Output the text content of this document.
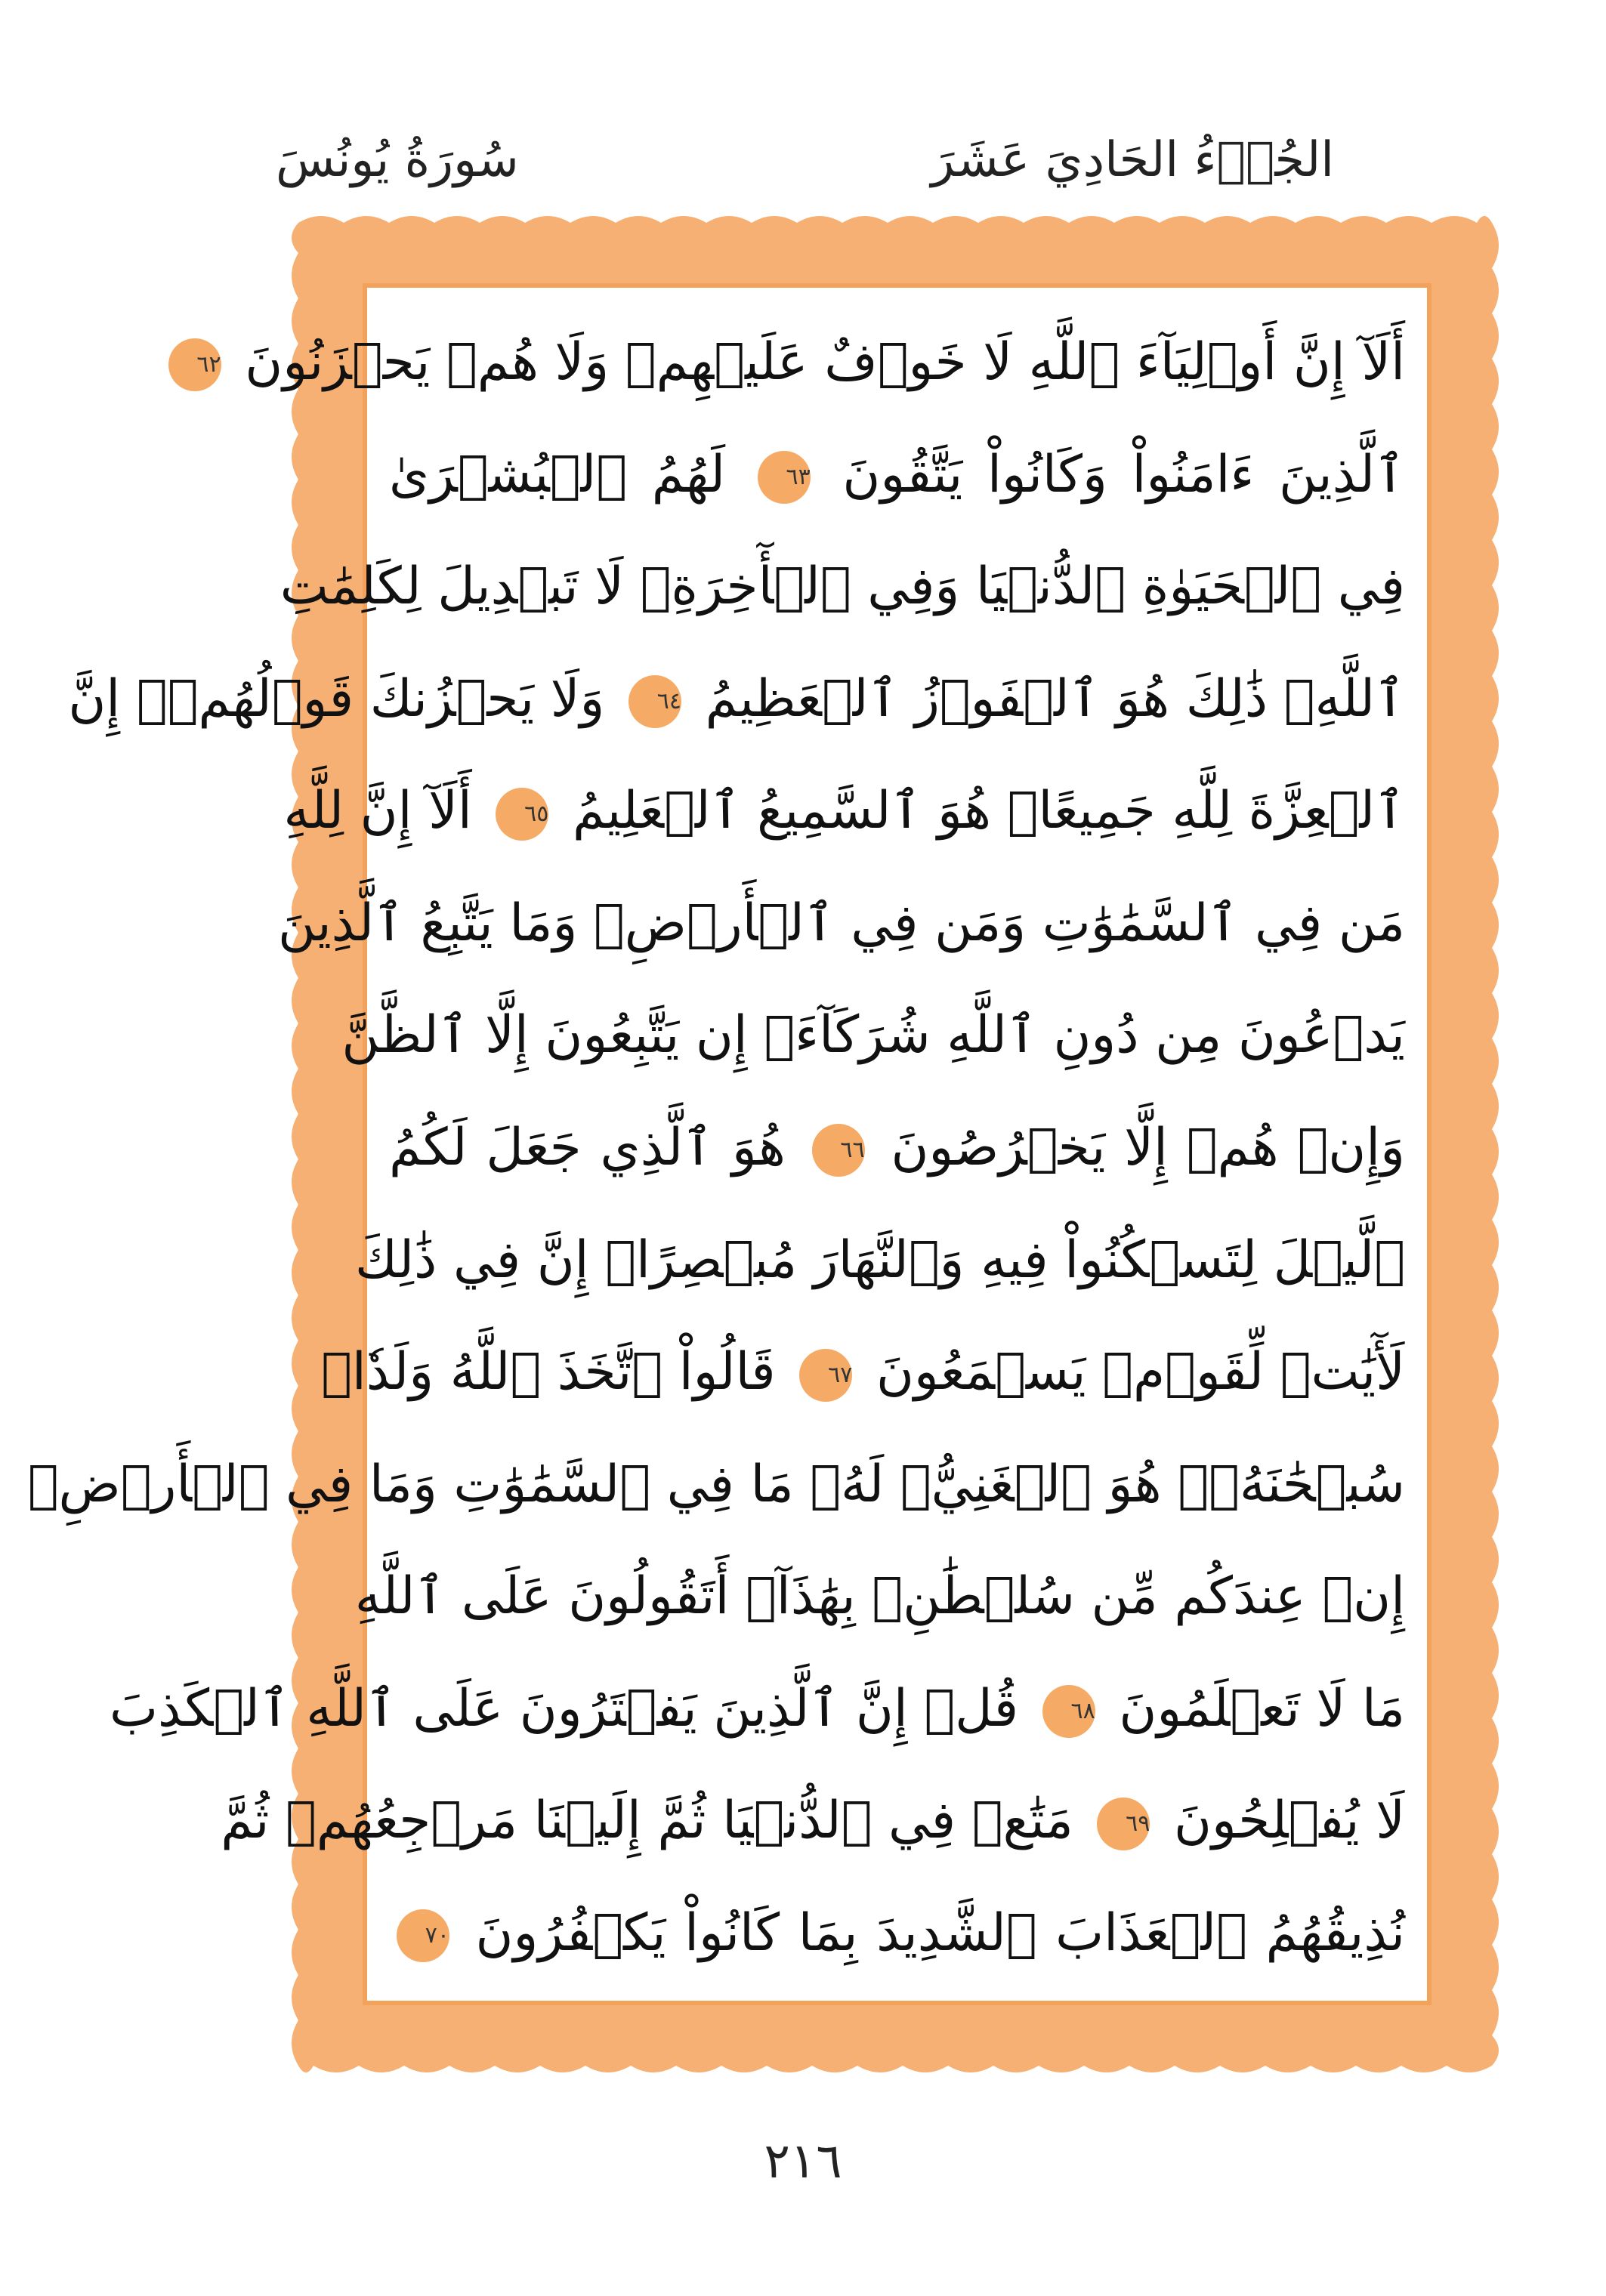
الجُزۡءُ الحَادِيَ عَشَرَ
سُورَةُ يُونُسَ
أَلَآ إِنَّ أَوۡلِيَآءَ ٱللَّهِ لَا خَوۡفٌ عَلَيۡهِمۡ وَلَا هُمۡ يَحۡزَنُونَ ٦٢
ٱلَّذِينَ ءَامَنُواْ وَكَانُواْ يَتَّقُونَ ٦٣ لَهُمُ ٱلۡبُشۡرَىٰ
فِي ٱلۡحَيَوٰةِ ٱلدُّنۡيَا وَفِي ٱلۡأٓخِرَةِۚ لَا تَبۡدِيلَ لِكَلِمَٰتِ
ٱللَّهِۚ ذَٰلِكَ هُوَ ٱلۡفَوۡزُ ٱلۡعَظِيمُ ٦٤ وَلَا يَحۡزُنكَ قَوۡلُهُمۡۘ إِنَّ
ٱلۡعِزَّةَ لِلَّهِ جَمِيعًاۚ هُوَ ٱلسَّمِيعُ ٱلۡعَلِيمُ ٦٥ أَلَآ إِنَّ لِلَّهِ
مَن فِي ٱلسَّمَٰوَٰتِ وَمَن فِي ٱلۡأَرۡضِۗ وَمَا يَتَّبِعُ ٱلَّذِينَ
يَدۡعُونَ مِن دُونِ ٱللَّهِ شُرَكَآءَۚ إِن يَتَّبِعُونَ إِلَّا ٱلظَّنَّ
وَإِنۡ هُمۡ إِلَّا يَخۡرُصُونَ ٦٦ هُوَ ٱلَّذِي جَعَلَ لَكُمُ
ٱلَّيۡلَ لِتَسۡكُنُواْ فِيهِ وَٱلنَّهَارَ مُبۡصِرًاۚ إِنَّ فِي ذَٰلِكَ
لَأٓيَٰتٖ لِّقَوۡمٖ يَسۡمَعُونَ ٦٧ قَالُواْ ٱتَّخَذَ ٱللَّهُ وَلَدٗاۗ
سُبۡحَٰنَهُۥۖ هُوَ ٱلۡغَنِيُّۖ لَهُۥ مَا فِي ٱلسَّمَٰوَٰتِ وَمَا فِي ٱلۡأَرۡضِۚ
إِنۡ عِندَكُم مِّن سُلۡطَٰنِۭ بِهَٰذَآۚ أَتَقُولُونَ عَلَى ٱللَّهِ
مَا لَا تَعۡلَمُونَ ٦٨ قُلۡ إِنَّ ٱلَّذِينَ يَفۡتَرُونَ عَلَى ٱللَّهِ ٱلۡكَذِبَ
لَا يُفۡلِحُونَ ٦٩ مَتَٰعٞ فِي ٱلدُّنۡيَا ثُمَّ إِلَيۡنَا مَرۡجِعُهُمۡ ثُمَّ
نُذِيقُهُمُ ٱلۡعَذَابَ ٱلشَّدِيدَ بِمَا كَانُواْ يَكۡفُرُونَ ٧٠
٢١٦
